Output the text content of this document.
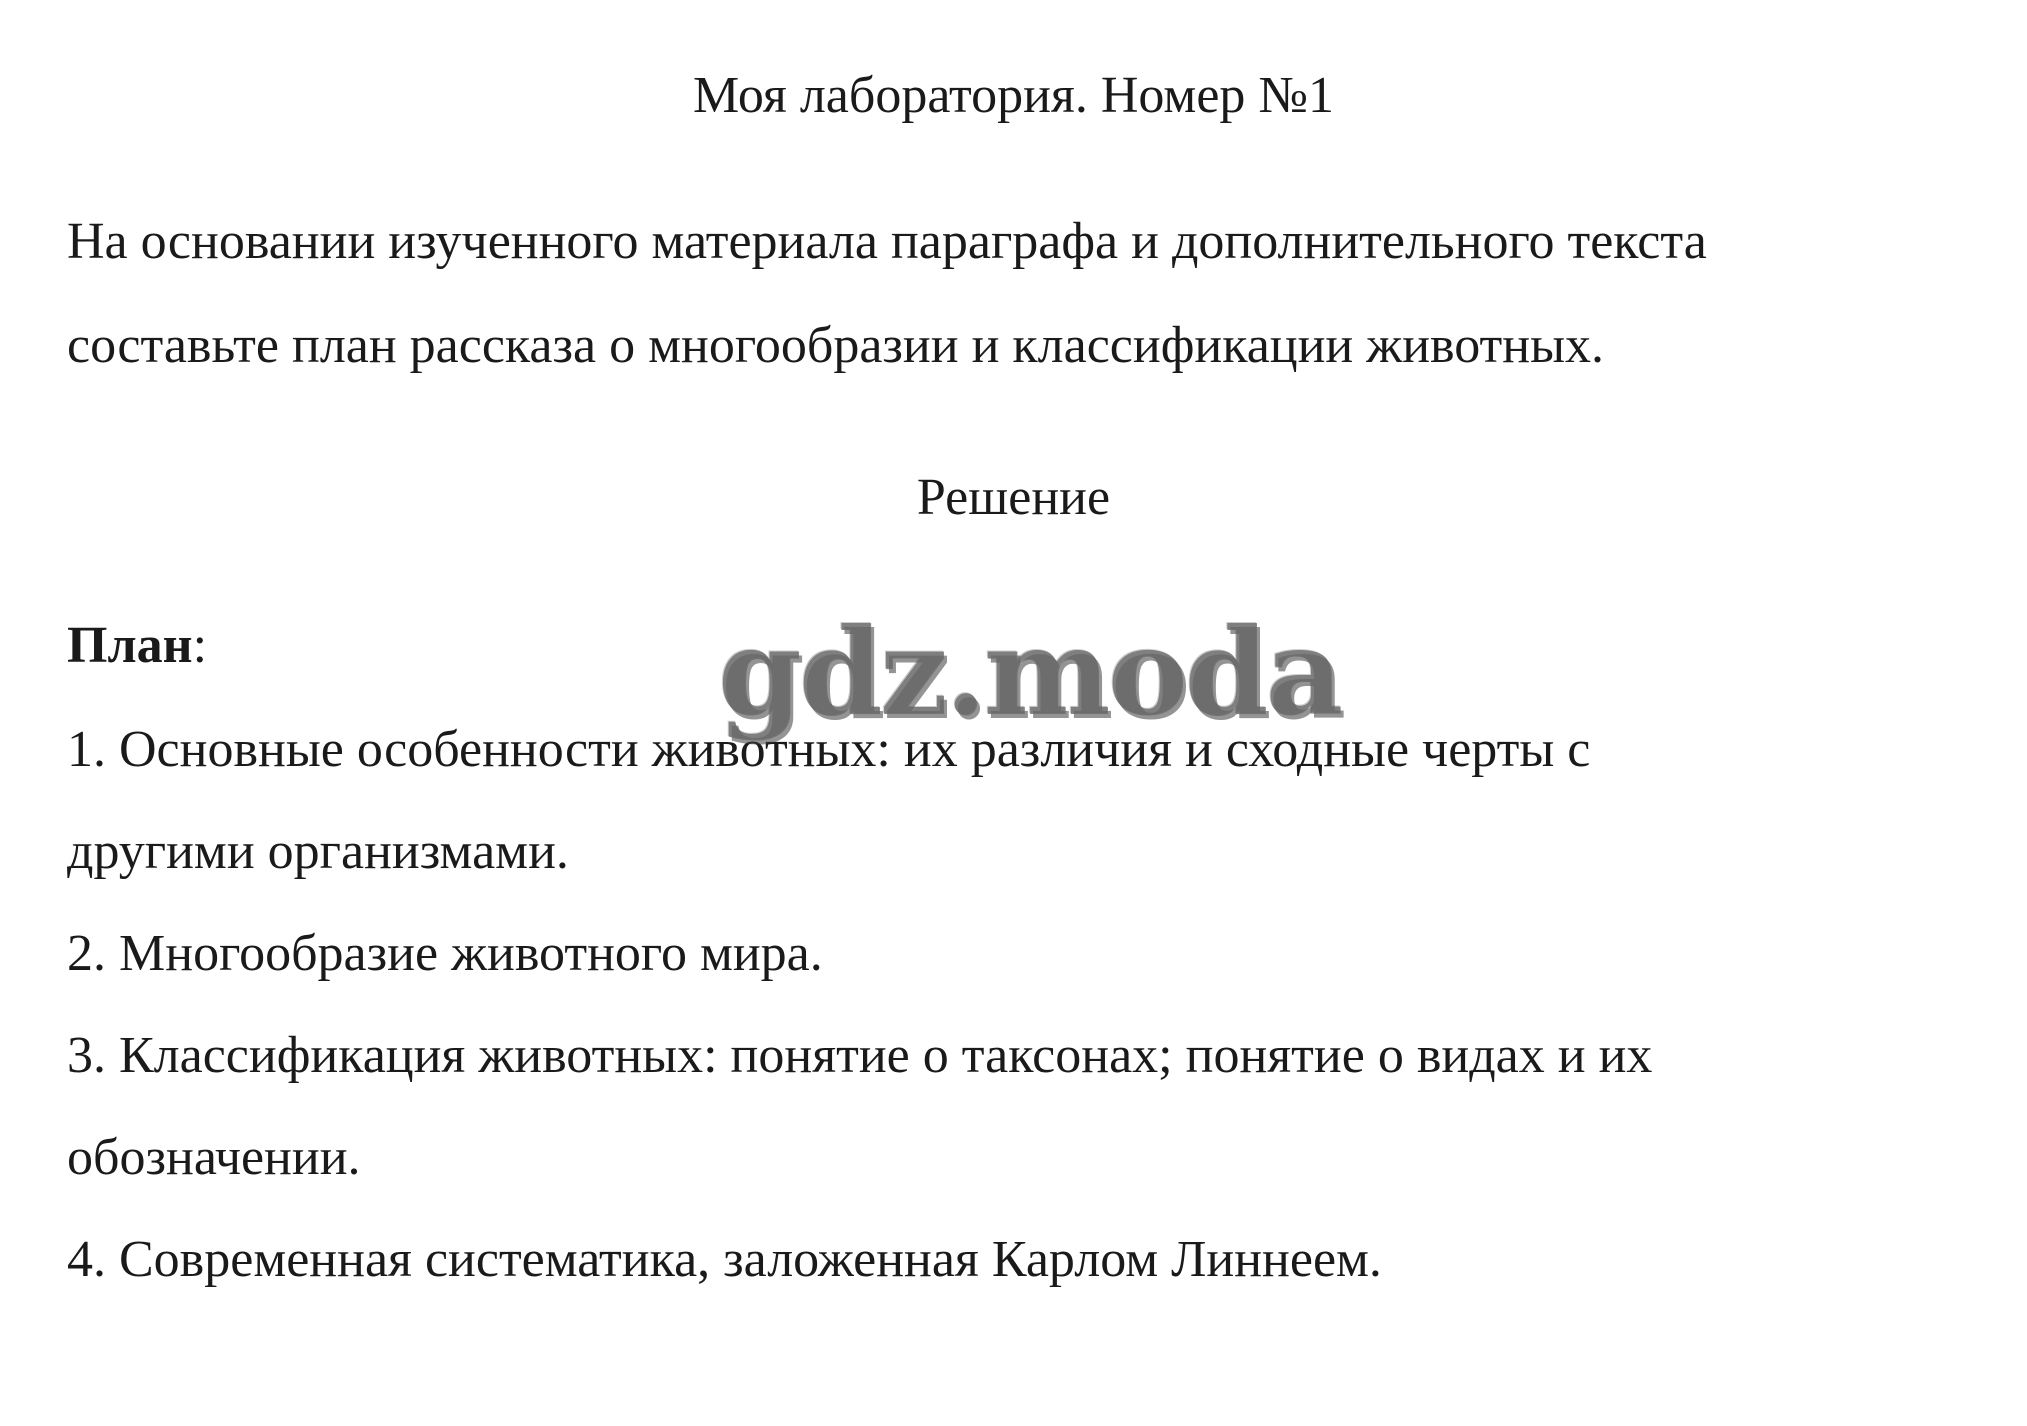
Моя лаборатория. Номер №1
На основании изученного материала параграфа и дополнительного текста
составьте план рассказа о многообразии и классификации животных.
Решение
План:
1. Основные особенности животных: их различия и сходные черты с
другими организмами.
2. Многообразие животного мира.
3. Классификация животных: понятие о таксонах; понятие о видах и их
обозначении.
4. Современная систематика, заложенная Карлом Линнеем.
gdz.moda
